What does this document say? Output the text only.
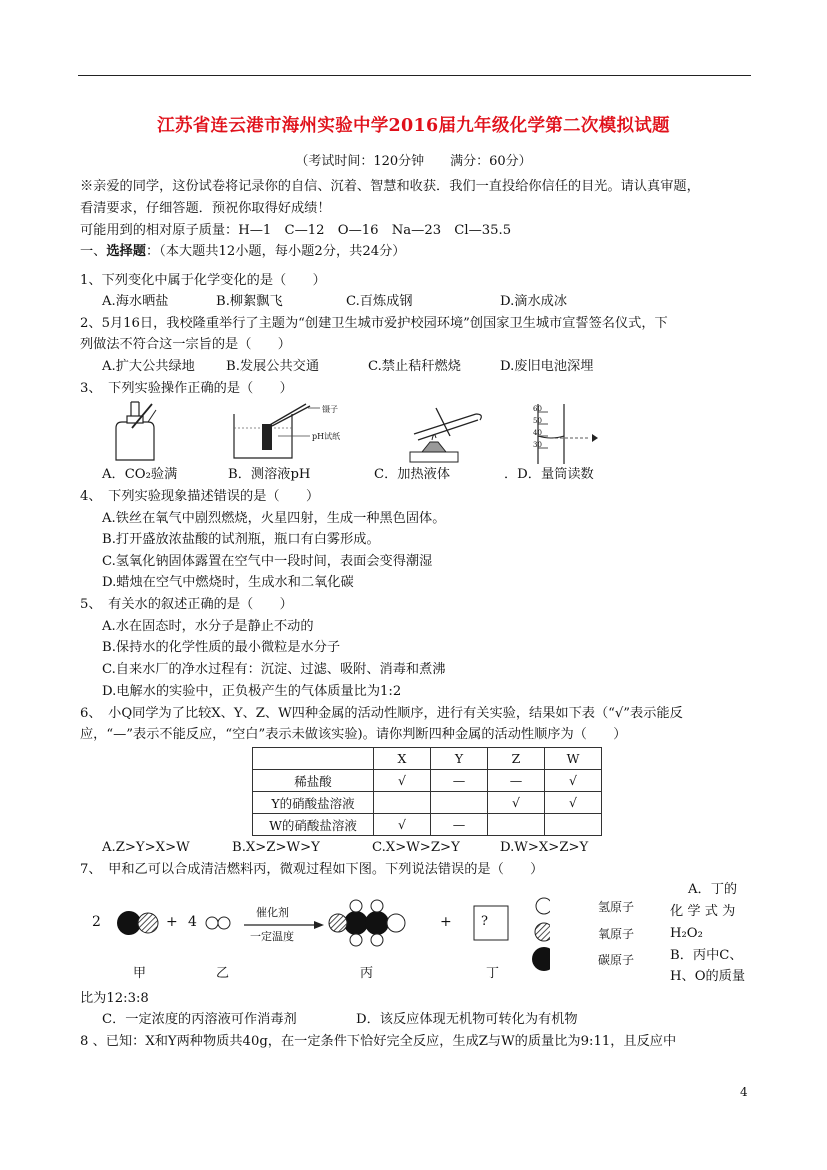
江苏省连云港市海州实验中学2016届九年级化学第二次模拟试题
（考试时间：120分钟　　满分：60分）
※亲爱的同学，这份试卷将记录你的自信、沉着、智慧和收获．我们一直投给你信任的目光。请认真审题，
看清要求，仔细答题．预祝你取得好成绩！
可能用到的相对原子质量：H—1　C—12　O—16　Na—23　Cl—35.5
一、选择题：（本大题共12小题，每小题2分，共24分）
1、下列变化中属于化学变化的是（　　）
A.海水晒盐	B.柳絮飘飞	C.百炼成钢	D.滴水成冰
2、5月16日，我校隆重举行了主题为“创建卫生城市爱护校园环境”创国家卫生城市宣誓签名仪式，下
列做法不符合这一宗旨的是（　　）
A.扩大公共绿地 B.发展公共交通	C.禁止秸秆燃烧	D.废旧电池深埋
3、　下列实验操作正确的是（　　）
镊子
pH试纸
60
50
40
30
A．CO₂验满	B．测溶液pH	C．加热液体	．D．量筒读数
4、　下列实验现象描述错误的是（　　）
A.铁丝在氧气中剧烈燃烧，火星四射，生成一种黑色固体。
B.打开盛放浓盐酸的试剂瓶，瓶口有白雾形成。
C.氢氧化钠固体露置在空气中一段时间，表面会变得潮湿
D.蜡烛在空气中燃烧时，生成水和二氧化碳
5、　有关水的叙述正确的是（　　）
A.水在固态时，水分子是静止不动的
B.保持水的化学性质的最小微粒是水分子
C.自来水厂的净水过程有：沉淀、过滤、吸附、消毒和煮沸
D.电解水的实验中，正负极产生的气体质量比为1:2
6、　小Q同学为了比较X、Y、Z、W四种金属的活动性顺序，进行有关实验，结果如下表（“√”表示能反
应，“—”表示不能反应，“空白”表示未做该实验)。请你判断四种金属的活动性顺序为（　　）
	X	Y	Z	W
稀盐酸	√	—	—	√
Y的硝酸盐溶液			√	√
W的硝酸盐溶液	√	—		
A.Z>Y>X>W	B.X>Z>W>Y	C.X>W>Z>Y	D.W>X>Z>Y
7、　甲和乙可以合成清洁燃料丙，微观过程如下图。下列说法错误的是（　　）
2	+ 4
催化剂
一定温度
+ ?
甲	乙	丙	丁
氢原子
氧原子
碳原子
A．丁的
化 学 式 为
H₂O₂
B．丙中C、
H、O的质量
比为12:3:8
C．一定浓度的丙溶液可作消毒剂	D．该反应体现无机物可转化为有机物
8 、已知：X和Y两种物质共40g，在一定条件下恰好完全反应，生成Z与W的质量比为9:11，且反应中
4
